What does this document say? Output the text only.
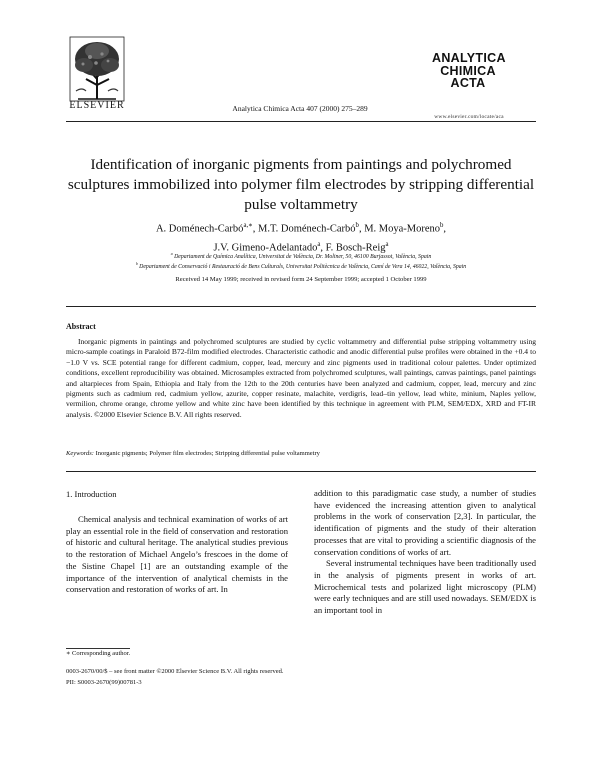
ELSEVIER	Analytica Chimica Acta 407 (2000) 275–289
ANALYTICA
CHIMICA
ACTA
www.elsevier.com/locate/aca
Identification of inorganic pigments from paintings and polychromed sculptures immobilized into polymer film electrodes by stripping differential pulse voltammetry
A. Doménech-Carbó$^{a,∗}$, M.T. Doménech-Carbó$^b$, M. Moya-Moreno$^b$,
J.V. Gimeno-Adelantado$^a$, F. Bosch-Reig$^a$
$^a$ Departament de Química Analítica, Universitat de València, Dr. Moliner, 50, 46100 Burjassot, València, Spain
$^b$ Departament de Conservació i Restauració de Bens Culturals, Universitat Politècnica de València, Camí de Vera 14, 46022, València, Spain
Received 14 May 1999; received in revised form 24 September 1999; accepted 1 October 1999
Abstract
Inorganic pigments in paintings and polychromed sculptures are studied by cyclic voltammetry and differential pulse stripping voltammetry using micro-sample coatings in Paraloid B72-film modified electrodes. Characteristic cathodic and anodic differential pulse profiles were obtained in the +0.4 to −1.0 V vs. SCE potential range for different cadmium, copper, lead, mercury and zinc pigments used in traditional colour palettes. Under optimized conditions, excellent reproducibility was obtained. Microsamples extracted from polychromed sculptures, wall paintings, canvas paintings, panel paintings and altarpieces from Spain, Ethiopia and Italy from the 12th to the 20th centuries have been analyzed and cadmium, copper, lead, mercury and zinc pigments such as cadmium red, cadmium yellow, azurite, copper resinate, malachite, verdigris, lead–tin yellow, lead white, minium, Naples yellow, vermilion, chrome orange, chrome yellow and white zinc have been identified by this technique in agreement with PLM, SEM/EDX, XRD and FT-IR analysis. ©2000 Elsevier Science B.V. All rights reserved.
Keywords: Inorganic pigments; Polymer film electrodes; Stripping differential pulse voltammetry
1. Introduction
Chemical analysis and technical examination of works of art play an essential role in the field of conservation and restoration of historic and cultural heritage. The analytical studies previous to the restoration of Michael Angelo’s frescoes in the dome of the Sistine Chapel [1] are an outstanding example of the importance of the intervention of analytical chemists in the conservation and restoration of works of art. In

addition to this paradigmatic case study, a number of studies have evidenced the increasing attention given to analytical problems in the work of conservation [2,3]. In particular, the identification of pigments and the study of their alteration processes that are vital to providing a scientific diagnosis of the conservation conditions of works of art.

Several instrumental techniques have been traditionally used in the analysis of pigments present in works of art. Microchemical tests and polarized light microscopy (PLM) were early techniques and are still used nowadays. SEM/EDX is an important tool in

∗ Corresponding author.
0003-2670/00/$ – see front matter ©2000 Elsevier Science B.V. All rights reserved.
PII: S0003-2670(99)00781-3
